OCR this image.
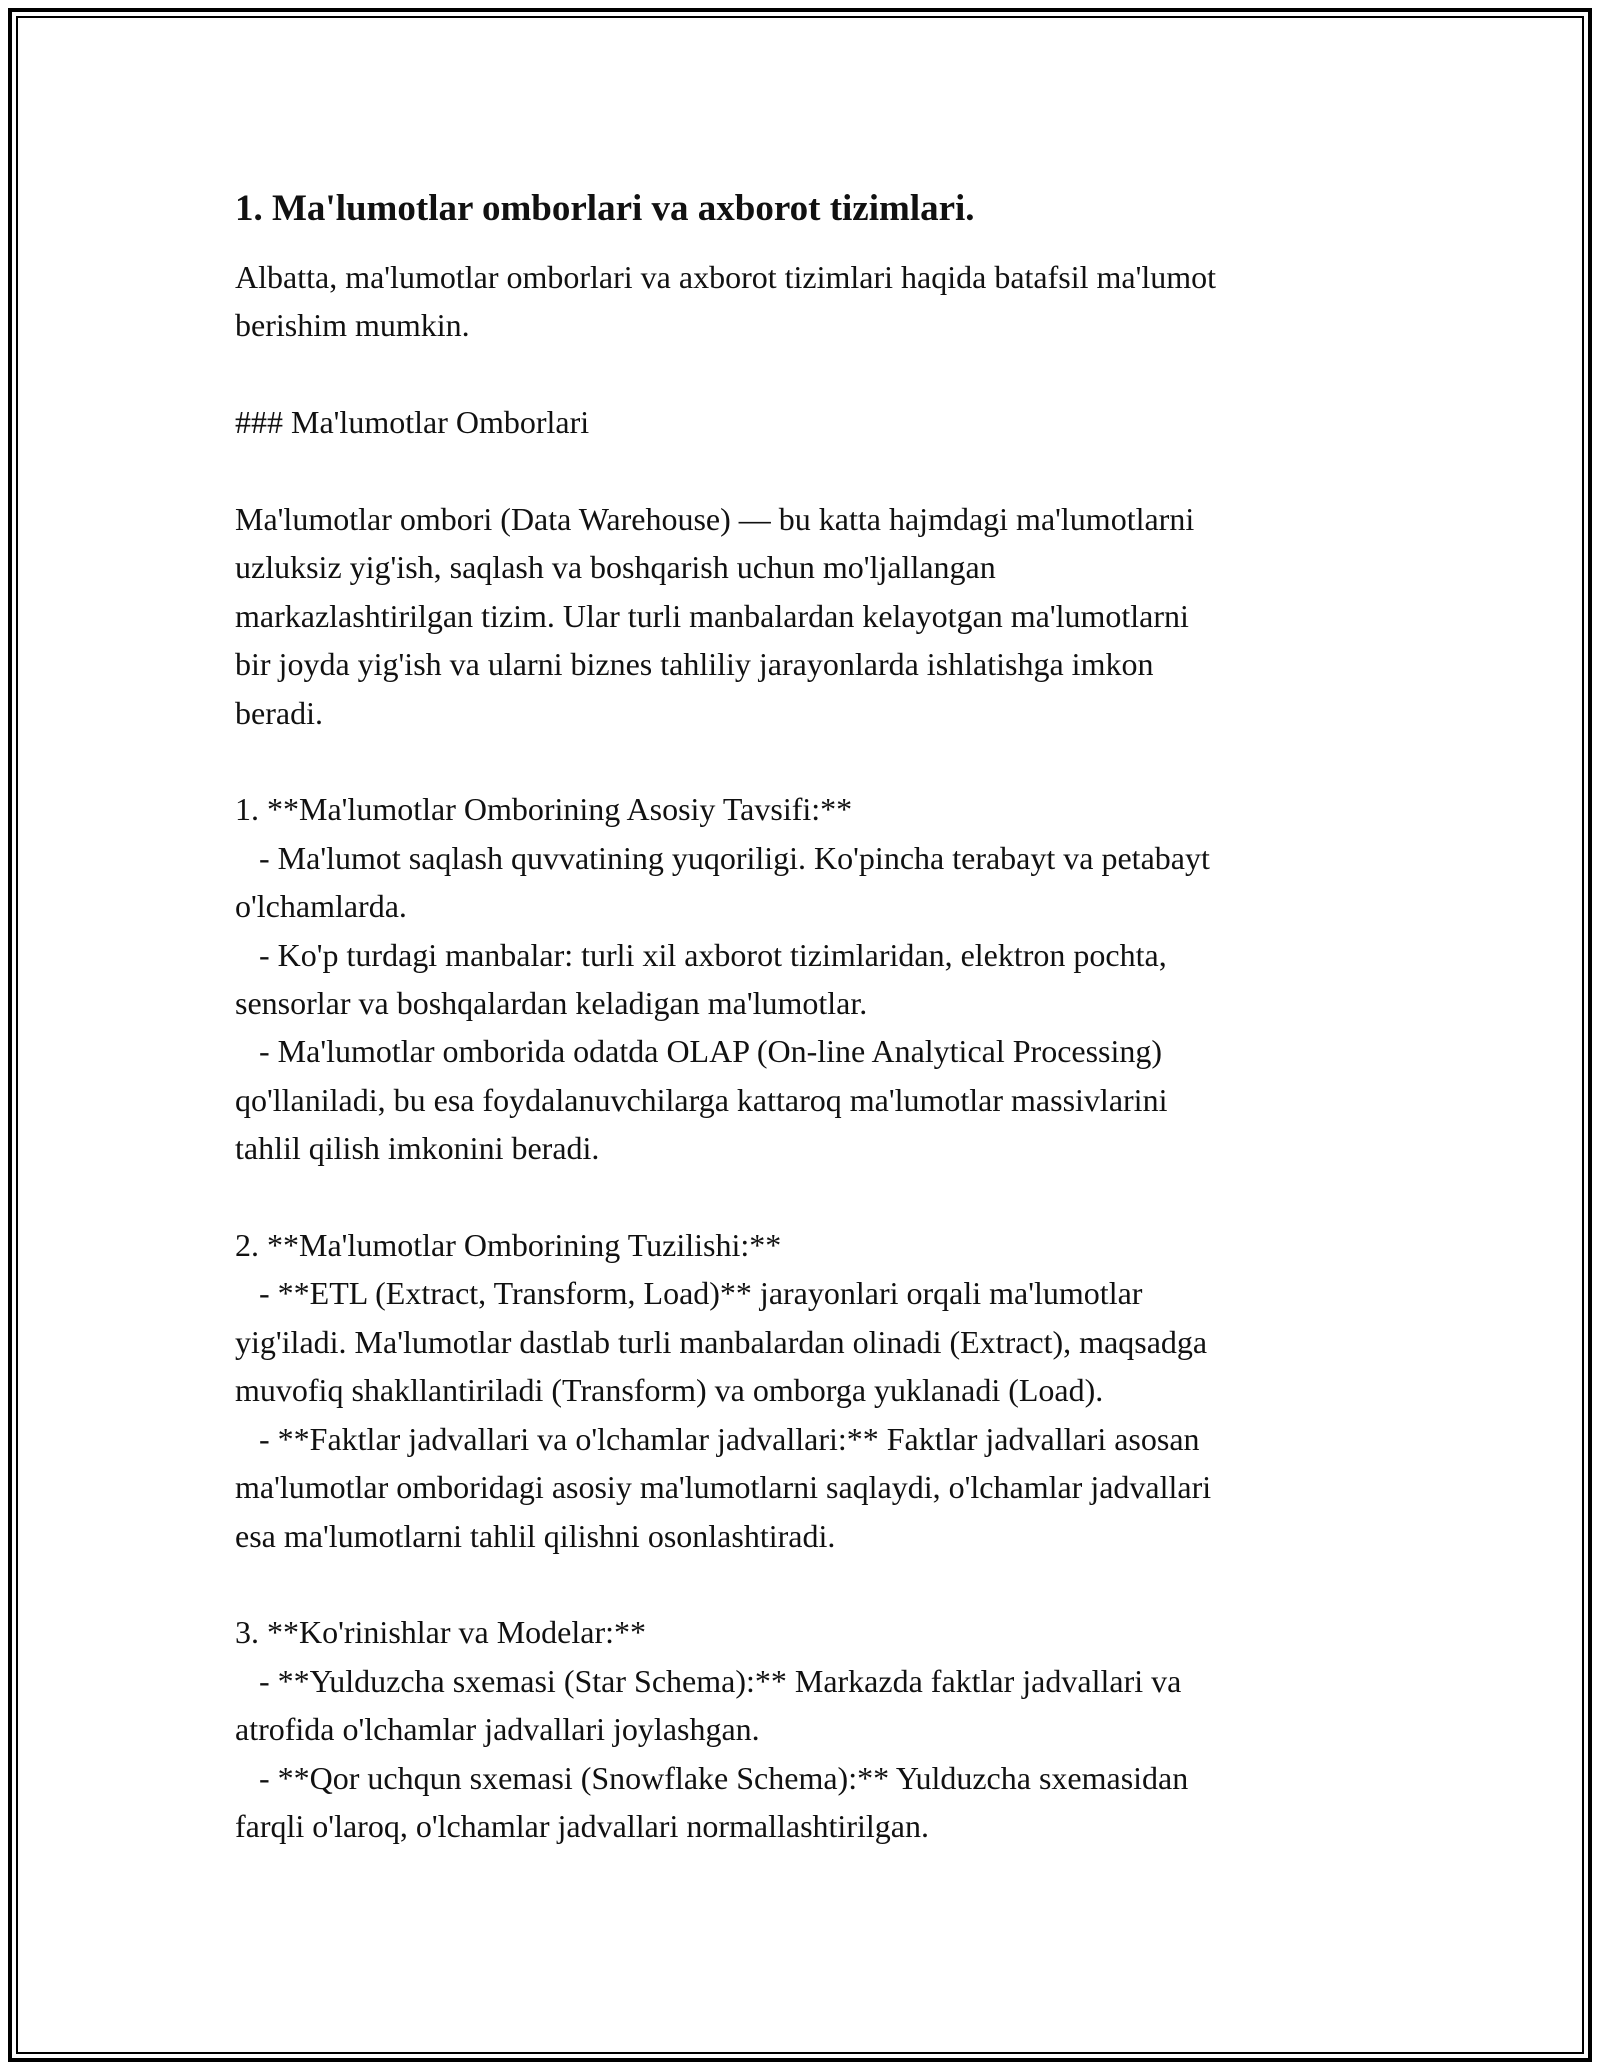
1. Ma'lumotlar omborlari va axborot tizimlari.

Albatta, ma'lumotlar omborlari va axborot tizimlari haqida batafsil ma'lumot

berishim mumkin.

### Ma'lumotlar Omborlari

Ma'lumotlar ombori (Data Warehouse) — bu katta hajmdagi ma'lumotlarni

uzluksiz yig'ish, saqlash va boshqarish uchun mo'ljallangan

markazlashtirilgan tizim. Ular turli manbalardan kelayotgan ma'lumotlarni

bir joyda yig'ish va ularni biznes tahliliy jarayonlarda ishlatishga imkon

beradi.

1. **Ma'lumotlar Omborining Asosiy Tavsifi:**

- Ma'lumot saqlash quvvatining yuqoriligi. Ko'pincha terabayt va petabayt

o'lchamlarda.

- Ko'p turdagi manbalar: turli xil axborot tizimlaridan, elektron pochta,

sensorlar va boshqalardan keladigan ma'lumotlar.

- Ma'lumotlar omborida odatda OLAP (On-line Analytical Processing)

qo'llaniladi, bu esa foydalanuvchilarga kattaroq ma'lumotlar massivlarini

tahlil qilish imkonini beradi.

2. **Ma'lumotlar Omborining Tuzilishi:**

- **ETL (Extract, Transform, Load)** jarayonlari orqali ma'lumotlar

yig'iladi. Ma'lumotlar dastlab turli manbalardan olinadi (Extract), maqsadga

muvofiq shakllantiriladi (Transform) va omborga yuklanadi (Load).

- **Faktlar jadvallari va o'lchamlar jadvallari:** Faktlar jadvallari asosan

ma'lumotlar omboridagi asosiy ma'lumotlarni saqlaydi, o'lchamlar jadvallari

esa ma'lumotlarni tahlil qilishni osonlashtiradi.

3. **Ko'rinishlar va Modelar:**

- **Yulduzcha sxemasi (Star Schema):** Markazda faktlar jadvallari va

atrofida o'lchamlar jadvallari joylashgan.

- **Qor uchqun sxemasi (Snowflake Schema):** Yulduzcha sxemasidan

farqli o'laroq, o'lchamlar jadvallari normallashtirilgan.
